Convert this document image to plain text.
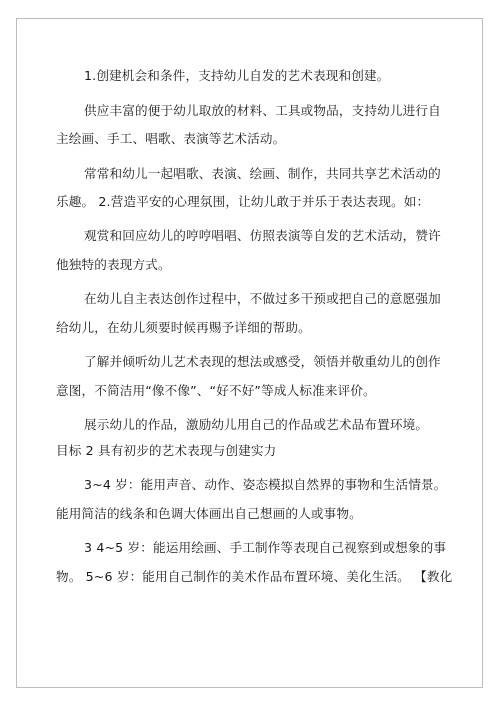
1.创建机会和条件，支持幼儿自发的艺术表现和创建。
供应丰富的便于幼儿取放的材料、工具或物品，支持幼儿进行自
主绘画、手工、唱歌、表演等艺术活动。
常常和幼儿一起唱歌、表演、绘画、制作，共同共享艺术活动的
乐趣。 2.营造平安的心理氛围，让幼儿敢于并乐于表达表现。如：
观赏和回应幼儿的哼哼唱唱、仿照表演等自发的艺术活动，赞许
他独特的表现方式。
在幼儿自主表达创作过程中，不做过多干预或把自己的意愿强加
给幼儿，在幼儿须要时候再赐予详细的帮助。
了解并倾听幼儿艺术表现的想法或感受，领悟并敬重幼儿的创作
意图，不简洁用“像不像”、“好不好”等成人标准来评价。
展示幼儿的作品，激励幼儿用自己的作品或艺术品布置环境。
目标 2 具有初步的艺术表现与创建实力
3~4 岁：能用声音、动作、姿态模拟自然界的事物和生活情景。
能用简洁的线条和色调大体画出自己想画的人或事物。
3 4~5 岁：能运用绘画、手工制作等表现自己视察到或想象的事
物。 5~6 岁：能用自己制作的美术作品布置环境、美化生活。 【教化
